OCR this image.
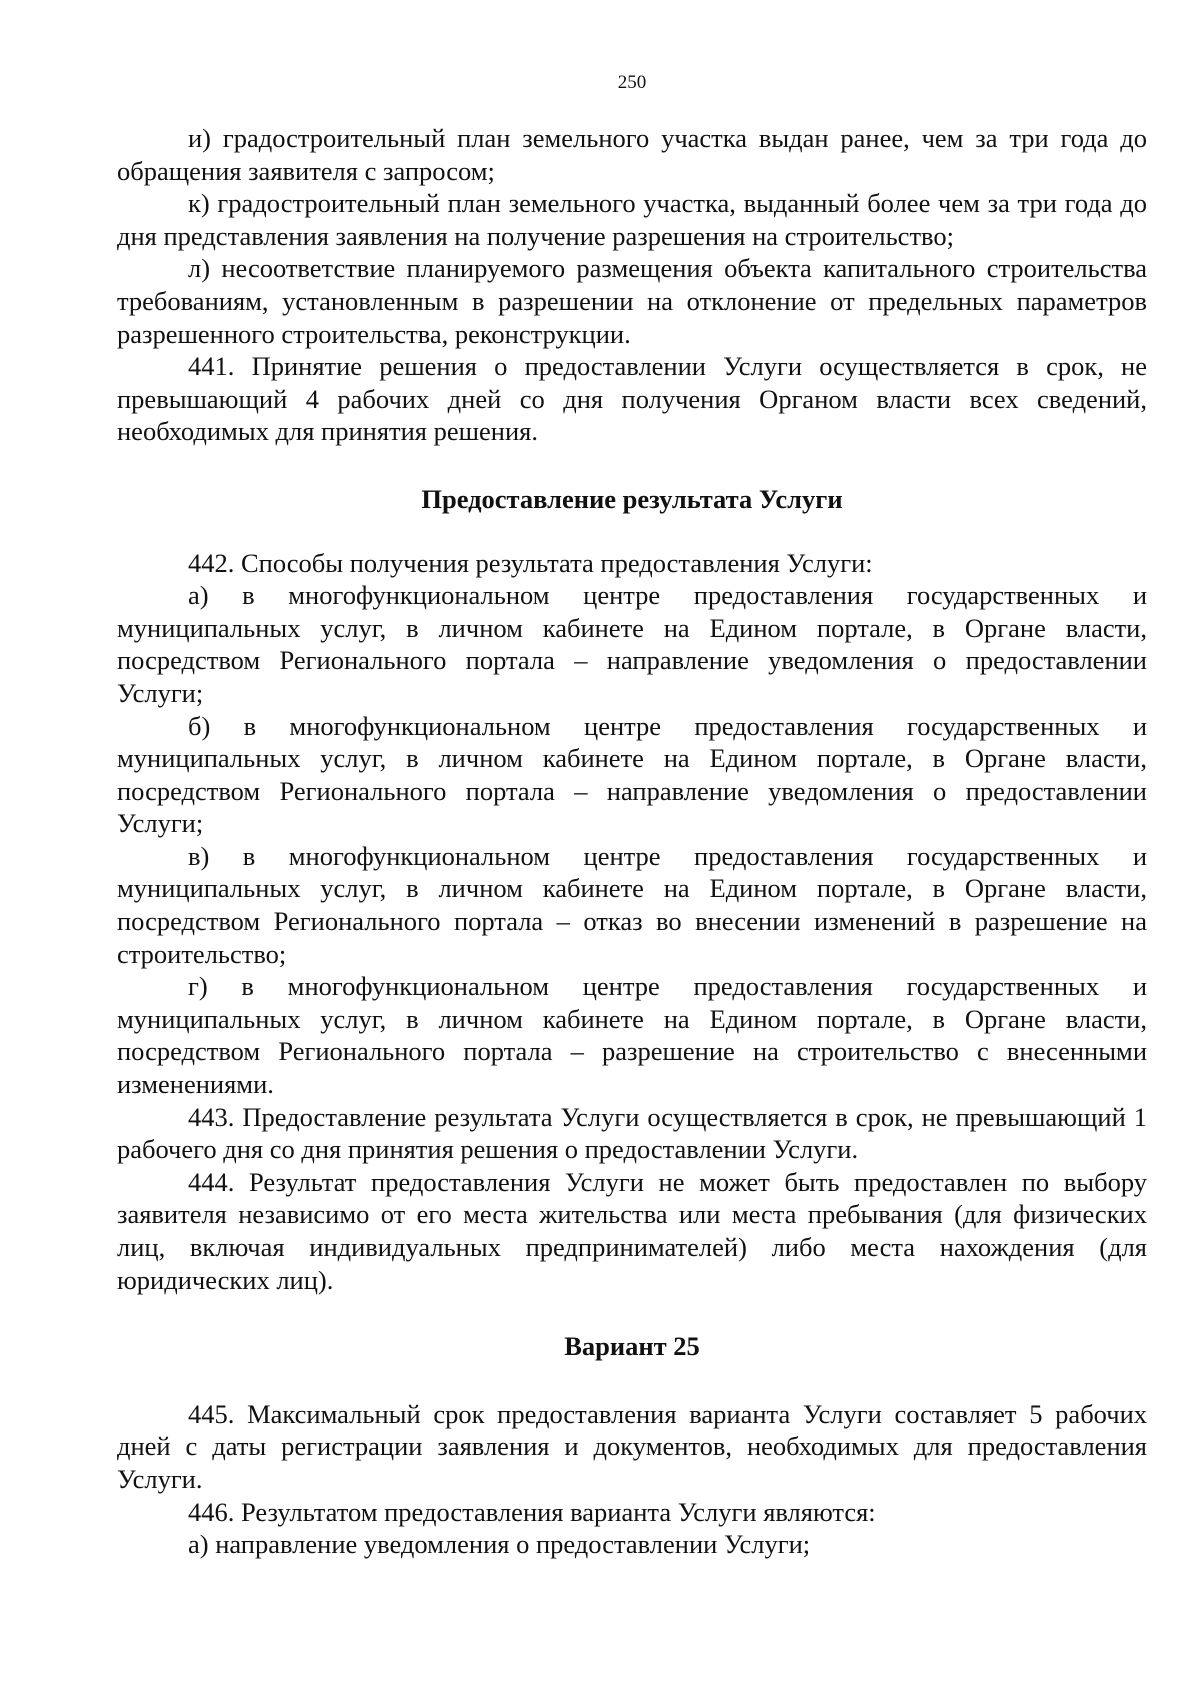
250

и) градостроительный план земельного участка выдан ранее, чем за три года до обращения заявителя с запросом;

к) градостроительный план земельного участка, выданный более чем за три года до дня представления заявления на получение разрешения на строительство;

л) несоответствие планируемого размещения объекта капитального строительства требованиям, установленным в разрешении на отклонение от предельных параметров разрешенного строительства, реконструкции.

441. Принятие решения о предоставлении Услуги осуществляется в срок, не превышающий 4 рабочих дней со дня получения Органом власти всех сведений, необходимых для принятия решения.

Предоставление результата Услуги

442. Способы получения результата предоставления Услуги:

а) в многофункциональном центре предоставления государственных и муниципальных услуг, в личном кабинете на Едином портале, в Органе власти, посредством Регионального портала – направление уведомления о предоставлении Услуги;

б) в многофункциональном центре предоставления государственных и муниципальных услуг, в личном кабинете на Едином портале, в Органе власти, посредством Регионального портала – направление уведомления о предоставлении Услуги;

в) в многофункциональном центре предоставления государственных и муниципальных услуг, в личном кабинете на Едином портале, в Органе власти, посредством Регионального портала – отказ во внесении изменений в разрешение на строительство;

г) в многофункциональном центре предоставления государственных и муниципальных услуг, в личном кабинете на Едином портале, в Органе власти, посредством Регионального портала – разрешение на строительство с внесенными изменениями.

443. Предоставление результата Услуги осуществляется в срок, не превышающий 1 рабочего дня со дня принятия решения о предоставлении Услуги.

444. Результат предоставления Услуги не может быть предоставлен по выбору заявителя независимо от его места жительства или места пребывания (для физических лиц, включая индивидуальных предпринимателей) либо места нахождения (для юридических лиц).

Вариант 25

445. Максимальный срок предоставления варианта Услуги составляет 5 рабочих дней с даты регистрации заявления и документов, необходимых для предоставления Услуги.

446. Результатом предоставления варианта Услуги являются:

а) направление уведомления о предоставлении Услуги;
